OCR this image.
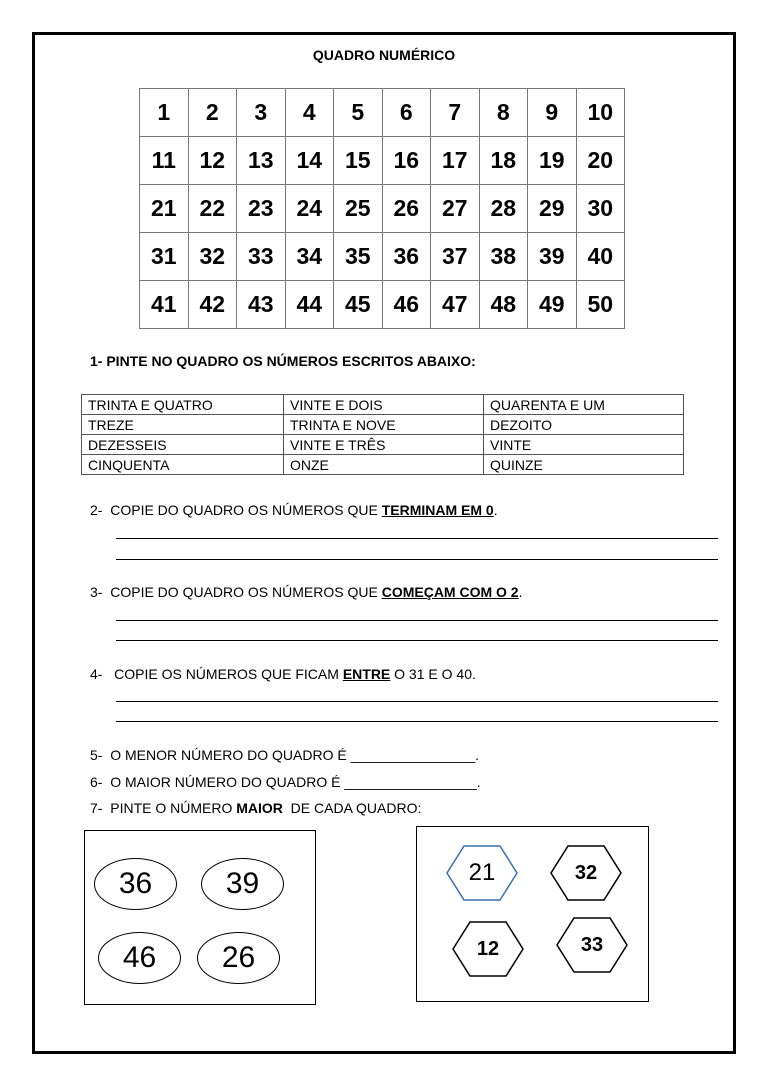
QUADRO NUMÉRICO
1	2	3	4	5	6	7	8	9	10
11	12	13	14	15	16	17	18	19	20
21	22	23	24	25	26	27	28	29	30
31	32	33	34	35	36	37	38	39	40
41	42	43	44	45	46	47	48	49	50
1- PINTE NO QUADRO OS NÚMEROS ESCRITOS ABAIXO:
TRINTA E QUATRO	VINTE E DOIS	QUARENTA E UM
TREZE	TRINTA E NOVE	DEZOITO
DEZESSEIS	VINTE E TRÊS	VINTE
CINQUENTA	ONZE	QUINZE
2-  COPIE DO QUADRO OS NÚMEROS QUE TERMINAM EM 0.
3-  COPIE DO QUADRO OS NÚMEROS QUE COMEÇAM COM O 2.
4-   COPIE OS NÚMEROS QUE FICAM ENTRE O 31 E O 40.
5-  O MENOR NÚMERO DO QUADRO É ________________.
6-  O MAIOR NÚMERO DO QUADRO É _________________.
7-  PINTE O NÚMERO MAIOR  DE CADA QUADRO:
36	39
46	26
21	32
12	33
